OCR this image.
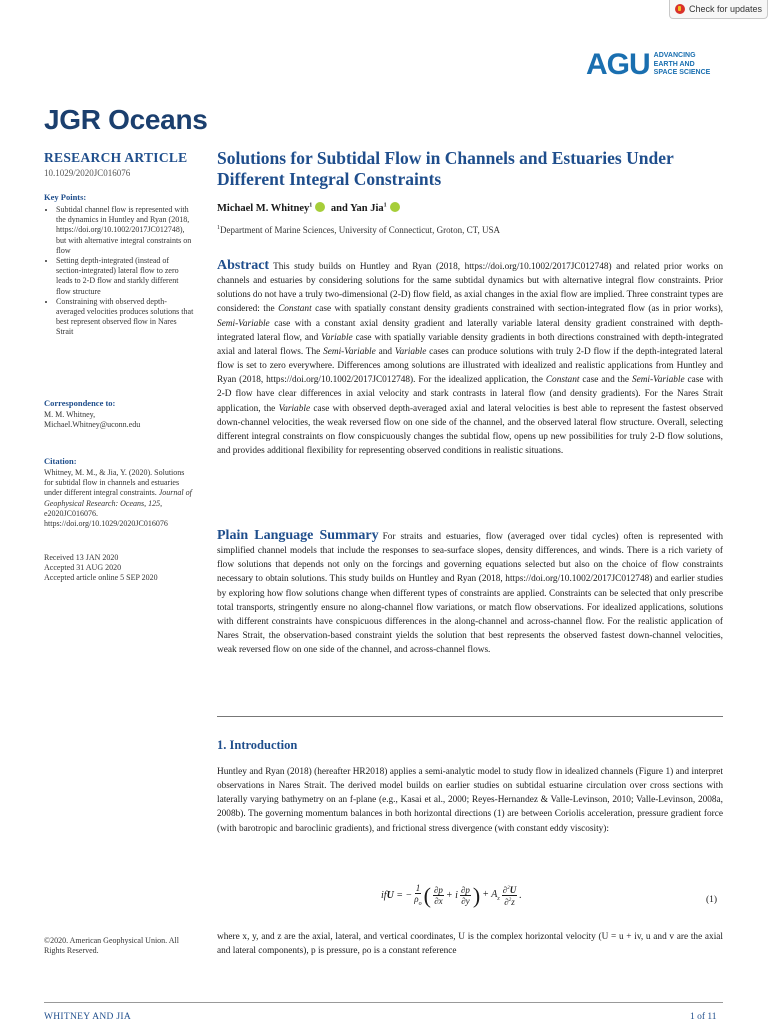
Check for updates
AGU ADVANCING
EARTH AND
SPACE SCIENCE
JGR Oceans
RESEARCH ARTICLE
10.1029/2020JC016076
Key Points:
• Subtidal channel flow is represented with the dynamics in Huntley and Ryan (2018, https://doi.org/10.1002/2017JC012748), but with alternative integral constraints on flow
• Setting depth-integrated (instead of section-integrated) lateral flow to zero leads to 2-D flow and starkly different flow structure
• Constraining with observed depth-averaged velocities produces solutions that best represent observed flow in Nares Strait
Correspondence to:
M. M. Whitney,
Michael.Whitney@uconn.edu
Citation:
Whitney, M. M., & Jia, Y. (2020). Solutions for subtidal flow in channels and estuaries under different integral constraints. Journal of Geophysical Research: Oceans, 125, e2020JC016076. https://doi.org/10.1029/2020JC016076
Received 13 JAN 2020
Accepted 31 AUG 2020
Accepted article online 5 SEP 2020
©2020. American Geophysical Union. All Rights Reserved.
Solutions for Subtidal Flow in Channels and Estuaries Under Different Integral Constraints
Michael M. Whitney$^1$ and Yan Jia$^1$
$^1$Department of Marine Sciences, University of Connecticut, Groton, CT, USA
Abstract This study builds on Huntley and Ryan (2018, https://doi.org/10.1002/2017JC012748) and related prior works on channels and estuaries by considering solutions for the same subtidal dynamics but with alternative integral flow constraints. Prior solutions do not have a truly two-dimensional (2-D) flow field, as axial changes in the axial flow are implied. Three constraint types are considered: the Constant case with spatially constant density gradients constrained with section-integrated flow (as in prior works), Semi-Variable case with a constant axial density gradient and laterally variable lateral density gradient constrained with depth-integrated lateral flow, and Variable case with spatially variable density gradients in both directions constrained with depth-integrated axial and lateral flows. The Semi-Variable and Variable cases can produce solutions with truly 2-D flow if the depth-integrated lateral flow is set to zero everywhere. Differences among solutions are illustrated with idealized and realistic applications from Huntley and Ryan (2018, https://doi.org/10.1002/2017JC012748). For the idealized application, the Constant case and the Semi-Variable case with 2-D flow have clear differences in axial velocity and stark contrasts in lateral flow (and density gradients). For the Nares Strait application, the Variable case with observed depth-averaged axial and lateral velocities is best able to represent the fastest observed down-channel velocities, the weak reversed flow on one side of the channel, and the observed lateral flow structure. Overall, selecting different integral constraints on flow conspicuously changes the subtidal flow, opens up new possibilities for truly 2-D flow solutions, and provides additional flexibility for representing observed conditions in realistic situations.
Plain Language Summary For straits and estuaries, flow (averaged over tidal cycles) often is represented with simplified channel models that include the responses to sea-surface slopes, density differences, and winds. There is a rich variety of flow solutions that depends not only on the forcings and governing equations selected but also on the choice of flow constraints necessary to obtain solutions. This study builds on Huntley and Ryan (2018, https://doi.org/10.1002/2017JC012748) and earlier studies by exploring how flow solutions change when different types of constraints are applied. Constraints can be selected that only prescribe total transports, stringently ensure no along-channel flow variations, or match flow observations. For idealized applications, solutions with different constraints have conspicuous differences in the along-channel and across-channel flow. For the realistic application of Nares Strait, the observation-based constraint yields the solution that best represents the observed fastest down-channel velocities, weak reversed flow on one side of the channel, and across-channel flows.
1. Introduction
Huntley and Ryan (2018) (hereafter HR2018) applies a semi-analytic model to study flow in idealized channels (Figure 1) and interpret observations in Nares Strait. The derived model builds on earlier studies on subtidal estuarine circulation over cross sections with laterally varying bathymetry on an f-plane (e.g., Kasai et al., 2000; Reyes-Hernandez & Valle-Levinson, 2010; Valle-Levinson, 2008a, 2008b). The governing momentum balances in both horizontal directions (1) are between Coriolis acceleration, pressure gradient force (with barotropic and baroclinic gradients), and frictional stress divergence (with constant eddy viscosity):
ifU = − $\frac{1}{\rho_o}$ ( $\frac{\partial p}{\partial x} + i \frac{\partial p}{\partial y}$ ) + $A_z \frac{\partial^2U}{\partial^2z}$ .	(1)
where x, y, and z are the axial, lateral, and vertical coordinates, U is the complex horizontal velocity (U = u + iv, u and v are the axial and lateral components), p is pressure, ρo is a constant reference
WHITNEY AND JIA	1 of 11
